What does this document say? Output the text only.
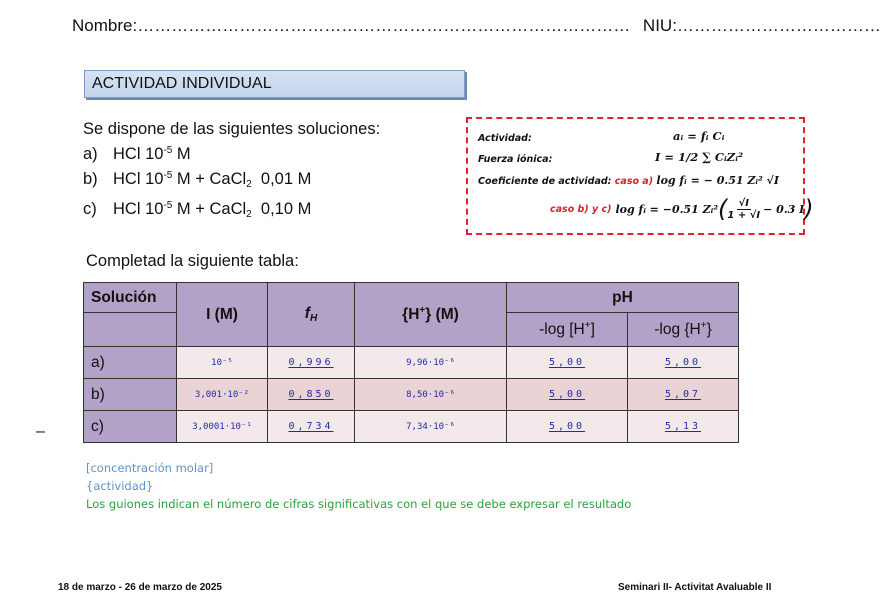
Nombre:…………………………………………………………………………… NIU:………………………………
ACTIVIDAD INDIVIDUAL
Se dispone de las siguientes soluciones:
a) HCl $10^{-5}$ M
b) HCl $10^{-5}$ M + CaCl$_2$  0,01 M
c) HCl $10^{-5}$ M + CaCl$_2$  0,10 M
Actividad:	aᵢ = fᵢ Cᵢ
Fuerza iónica:	I = 1/2 ∑ CᵢZᵢ²
Coeficiente de actividad: caso a) log fᵢ = − 0.51 Zᵢ² √I
caso b) y c) log fᵢ = −0.51 Zᵢ² ( $\frac{√I}{1 + √I} - 0.3$ I )
Completad la siguiente tabla:
Solución	I (M)	$f_H$	{H+} (M)	pH	
				-log [H+]	-log {H+}
a)	10⁻⁵	0,996	9,96·10⁻⁶	5,00	5,00
b)	3,001·10⁻²	0,850	8,50·10⁻⁶	5,00	5,07
c)	3,0001·10⁻¹	0,734	7,34·10⁻⁶	5,00	5,13
–
[concentración molar]
{actividad}
Los guiones indican el número de cifras significativas con el que se debe expresar el resultado
18 de marzo - 26 de marzo de 2025	Seminari II- Activitat Avaluable II
